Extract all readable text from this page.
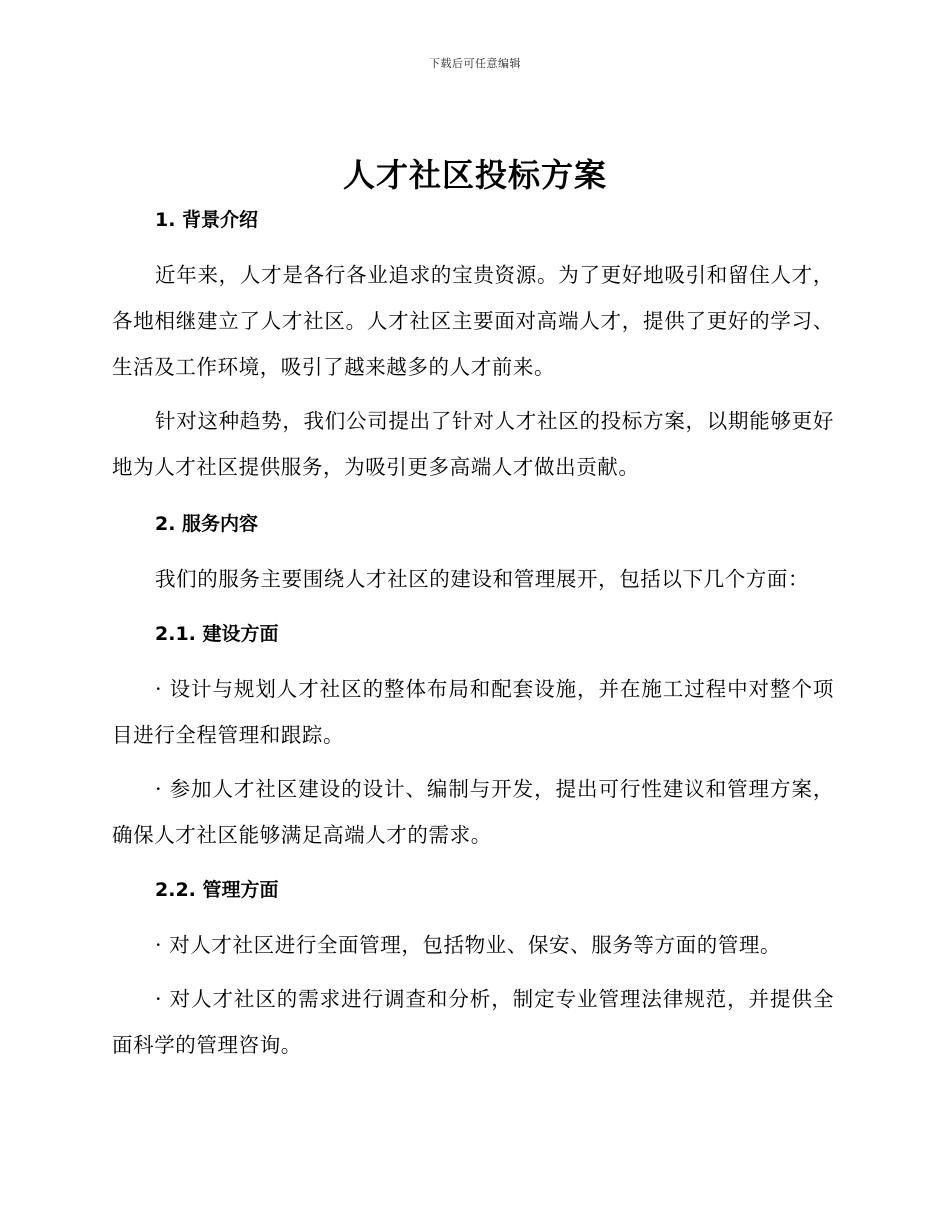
下载后可任意编辑
人才社区投标方案
1. 背景介绍

近年来，人才是各行各业追求的宝贵资源。为了更好地吸引和留住人才，各地相继建立了人才社区。人才社区主要面对高端人才，提供了更好的学习、生活及工作环境，吸引了越来越多的人才前来。

针对这种趋势，我们公司提出了针对人才社区的投标方案，以期能够更好地为人才社区提供服务，为吸引更多高端人才做出贡献。

2. 服务内容

我们的服务主要围绕人才社区的建设和管理展开，包括以下几个方面：

2.1. 建设方面

· 设计与规划人才社区的整体布局和配套设施，并在施工过程中对整个项目进行全程管理和跟踪。

· 参加人才社区建设的设计、编制与开发，提出可行性建议和管理方案，确保人才社区能够满足高端人才的需求。

2.2. 管理方面

· 对人才社区进行全面管理，包括物业、保安、服务等方面的管理。

· 对人才社区的需求进行调查和分析，制定专业管理法律规范，并提供全面科学的管理咨询。
